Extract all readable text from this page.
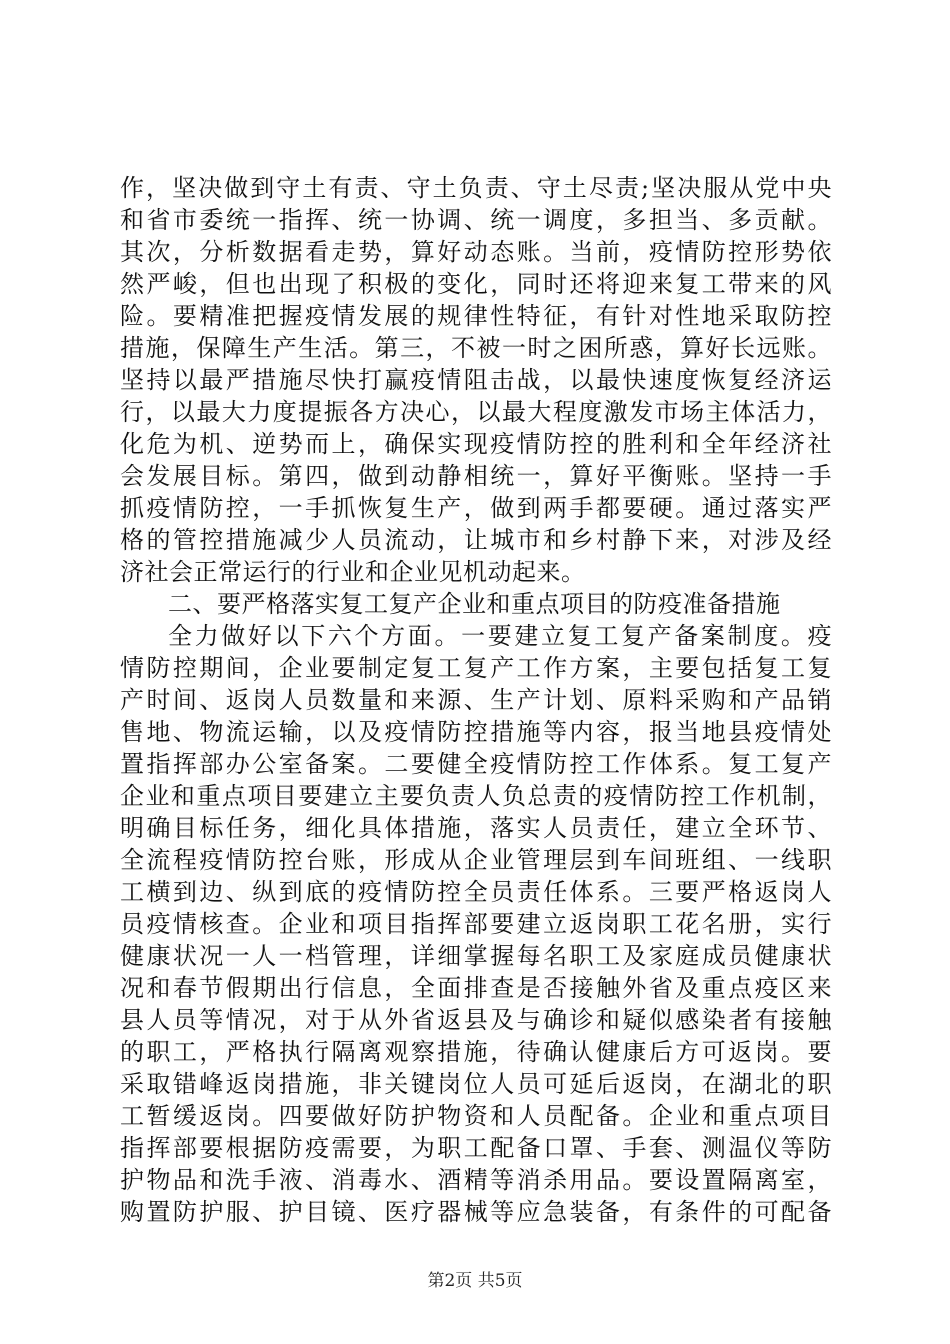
作，坚决做到守土有责、守土负责、守土尽责;坚决服从党中央
和省市委统一指挥、统一协调、统一调度，多担当、多贡献。
其次，分析数据看走势，算好动态账。当前，疫情防控形势依
然严峻，但也出现了积极的变化，同时还将迎来复工带来的风
险。要精准把握疫情发展的规律性特征，有针对性地采取防控
措施，保障生产生活。第三，不被一时之困所惑，算好长远账。
坚持以最严措施尽快打赢疫情阻击战，以最快速度恢复经济运
行，以最大力度提振各方决心，以最大程度激发市场主体活力，
化危为机、逆势而上，确保实现疫情防控的胜利和全年经济社
会发展目标。第四，做到动静相统一，算好平衡账。坚持一手
抓疫情防控，一手抓恢复生产，做到两手都要硬。通过落实严
格的管控措施减少人员流动，让城市和乡村静下来，对涉及经
济社会正常运行的行业和企业见机动起来。
二、要严格落实复工复产企业和重点项目的防疫准备措施
全力做好以下六个方面。一要建立复工复产备案制度。疫
情防控期间，企业要制定复工复产工作方案，主要包括复工复
产时间、返岗人员数量和来源、生产计划、原料采购和产品销
售地、物流运输，以及疫情防控措施等内容，报当地县疫情处
置指挥部办公室备案。二要健全疫情防控工作体系。复工复产
企业和重点项目要建立主要负责人负总责的疫情防控工作机制，
明确目标任务，细化具体措施，落实人员责任，建立全环节、
全流程疫情防控台账，形成从企业管理层到车间班组、一线职
工横到边、纵到底的疫情防控全员责任体系。三要严格返岗人
员疫情核查。企业和项目指挥部要建立返岗职工花名册，实行
健康状况一人一档管理，详细掌握每名职工及家庭成员健康状
况和春节假期出行信息，全面排查是否接触外省及重点疫区来
县人员等情况，对于从外省返县及与确诊和疑似感染者有接触
的职工，严格执行隔离观察措施，待确认健康后方可返岗。要
采取错峰返岗措施，非关键岗位人员可延后返岗，在湖北的职
工暂缓返岗。四要做好防护物资和人员配备。企业和重点项目
指挥部要根据防疫需要，为职工配备口罩、手套、测温仪等防
护物品和洗手液、消毒水、酒精等消杀用品。要设置隔离室，
购置防护服、护目镜、医疗器械等应急装备，有条件的可配备
第2页 共5页
